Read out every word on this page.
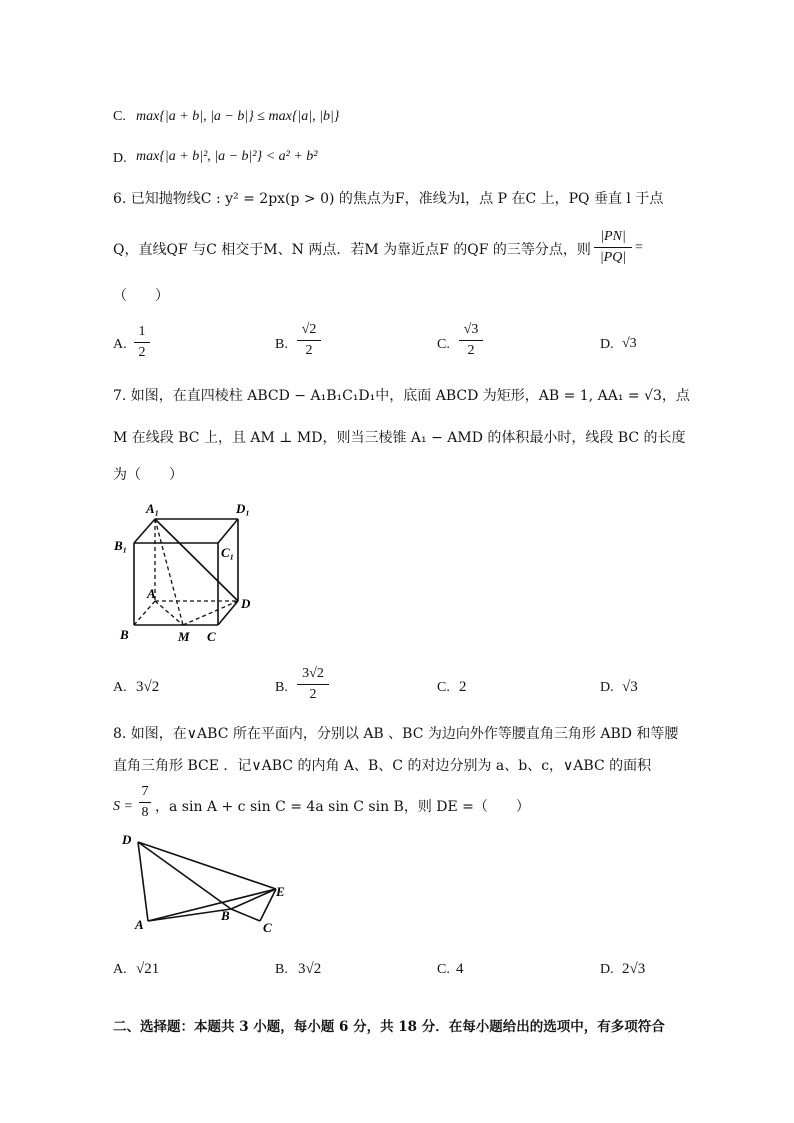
C. max{|a + b|, |a − b|} ≤ max{|a|, |b|}
D. max{|a + b|², |a − b|²} < a² + b²
6. 已知抛物线C : y² = 2px(p > 0) 的焦点为F，准线为l，点 P 在C 上，PQ 垂直 l 于点
Q，直线QF 与C 相交于M、N 两点．若M 为靠近点F 的QF 的三等分点，则
|PN|
|PQ|
=
（　　）
A.
1
2
B.
√2
2	C.
√3
2	D. √3
7. 如图，在直四棱柱 ABCD − A₁B₁C₁D₁中，底面 ABCD 为矩形，AB = 1, AA₁ = √3，点
M 在线段 BC 上，且 AM ⊥ MD，则当三棱锥 A₁ − AMD 的体积最小时，线段 BC 的长度
为（　　）
A₁	D₁
B₁	C₁
A
D
B	M C
A. 3√2	B.
3√2
2	C. 2	D. √3
8. 如图，在∨ABC 所在平面内，分别以 AB 、BC 为边向外作等腰直角三角形 ABD 和等腰
直角三角形 BCE ．记∨ABC 的内角 A、B、C 的对边分别为 a、b、c，∨ABC 的面积
S =
7
8 ，a sin A + c sin C = 4a sin C sin B，则 DE =（　　）
D
E
A
B
C
A. √21	B. 3√2	C. 4	D. 2√3
二、选择题：本题共 3 小题，每小题 6 分，共 18 分．在每小题给出的选项中，有多项符合
